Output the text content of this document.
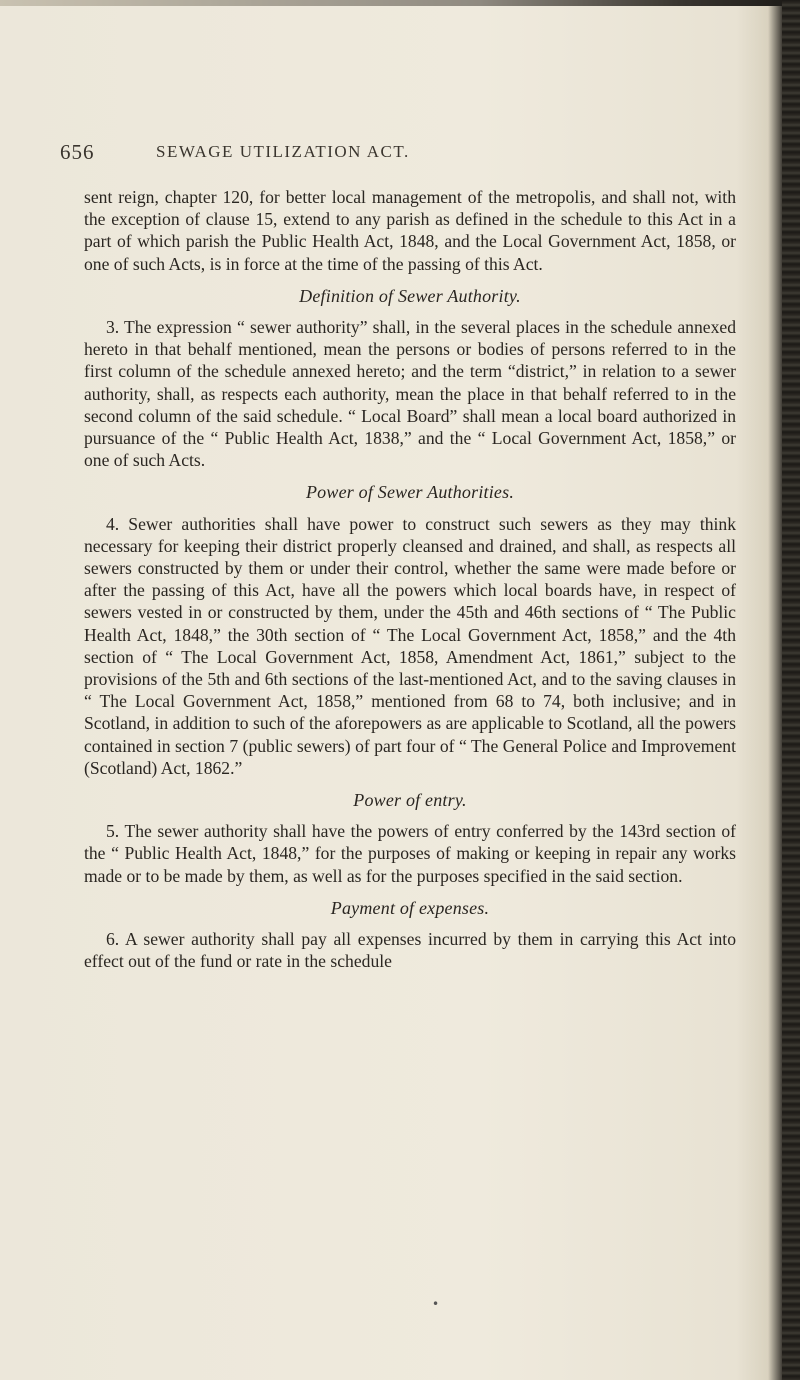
656	SEWAGE UTILIZATION ACT.

sent reign, chapter 120, for better local management of the metropolis, and shall not, with the exception of clause 15, extend to any parish as defined in the schedule to this Act in a part of which parish the Public Health Act, 1848, and the Local Government Act, 1858, or one of such Acts, is in force at the time of the passing of this Act.

Definition of Sewer Authority.

3. The expression “ sewer authority” shall, in the several places in the schedule annexed hereto in that behalf mentioned, mean the persons or bodies of persons referred to in the first column of the schedule annexed hereto; and the term “district,” in relation to a sewer authority, shall, as respects each authority, mean the place in that behalf referred to in the second column of the said schedule. “ Local Board” shall mean a local board authorized in pursuance of the “ Public Health Act, 1838,” and the “ Local Government Act, 1858,” or one of such Acts.

Power of Sewer Authorities.

4. Sewer authorities shall have power to construct such sewers as they may think necessary for keeping their district properly cleansed and drained, and shall, as respects all sewers constructed by them or under their control, whether the same were made before or after the passing of this Act, have all the powers which local boards have, in respect of sewers vested in or constructed by them, under the 45th and 46th sections of “ The Public Health Act, 1848,” the 30th section of “ The Local Government Act, 1858,” and the 4th section of “ The Local Government Act, 1858, Amendment Act, 1861,” subject to the provisions of the 5th and 6th sections of the last-mentioned Act, and to the saving clauses in “ The Local Government Act, 1858,” mentioned from 68 to 74, both inclusive; and in Scotland, in addition to such of the aforepowers as are applicable to Scotland, all the powers contained in section 7 (public sewers) of part four of “ The General Police and Improvement (Scotland) Act, 1862.”

Power of entry.

5. The sewer authority shall have the powers of entry conferred by the 143rd section of the “ Public Health Act, 1848,” for the purposes of making or keeping in repair any works made or to be made by them, as well as for the purposes specified in the said section.

Payment of expenses.

6. A sewer authority shall pay all expenses incurred by them in carrying this Act into effect out of the fund or rate in the schedule

•
